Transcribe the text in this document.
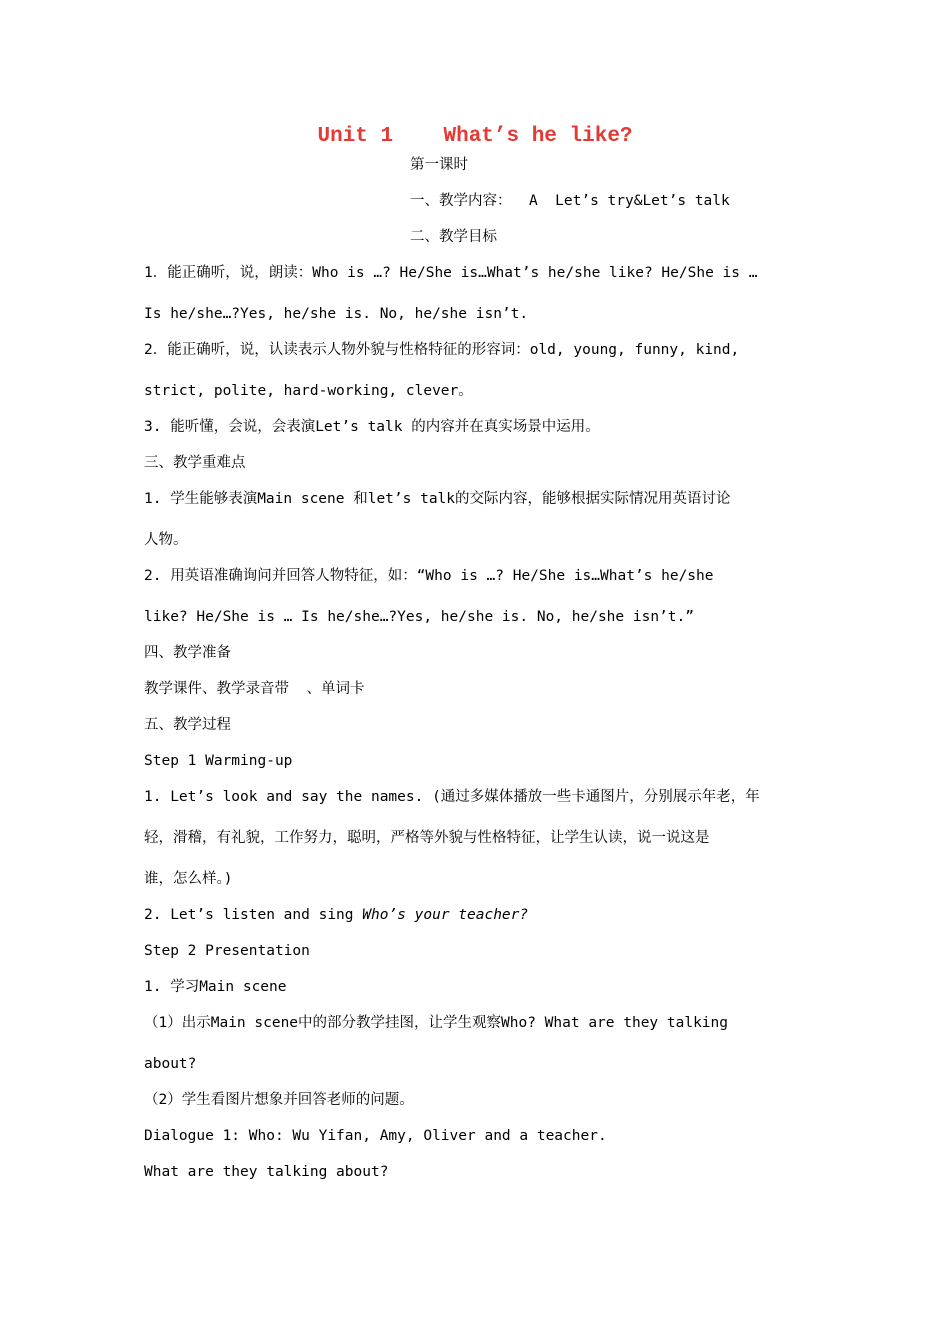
Unit 1    What’s he like?
第一课时
一、教学内容：  A  Let’s try&Let’s talk
二、教学目标
1．能正确听，说，朗读：Who is …? He/She is…What’s he/she like? He/She is …
Is he/she…?Yes, he/she is. No, he/she isn’t.
2．能正确听，说，认读表示人物外貌与性格特征的形容词：old, young, funny, kind,
strict, polite, hard-working, clever。
3. 能听懂，会说，会表演Let’s talk 的内容并在真实场景中运用。
三、教学重难点
1. 学生能够表演Main scene 和let’s talk的交际内容，能够根据实际情况用英语讨论
人物。
2. 用英语准确询问并回答人物特征，如：“Who is …? He/She is…What’s he/she
like? He/She is … Is he/she…?Yes, he/she is. No, he/she isn’t.”
四、教学准备
教学课件、教学录音带  、单词卡
五、教学过程
Step 1 Warming-up
1. Let’s look and say the names. (通过多媒体播放一些卡通图片，分别展示年老，年
轻，滑稽，有礼貌，工作努力，聪明，严格等外貌与性格特征，让学生认读，说一说这是
谁，怎么样。)
2. Let’s listen and sing Who’s your teacher?
Step 2 Presentation
1. 学习Main scene
（1）出示Main scene中的部分教学挂图，让学生观察Who? What are they talking
about?
（2）学生看图片想象并回答老师的问题。
Dialogue 1: Who: Wu Yifan, Amy, Oliver and a teacher.
What are they talking about?
